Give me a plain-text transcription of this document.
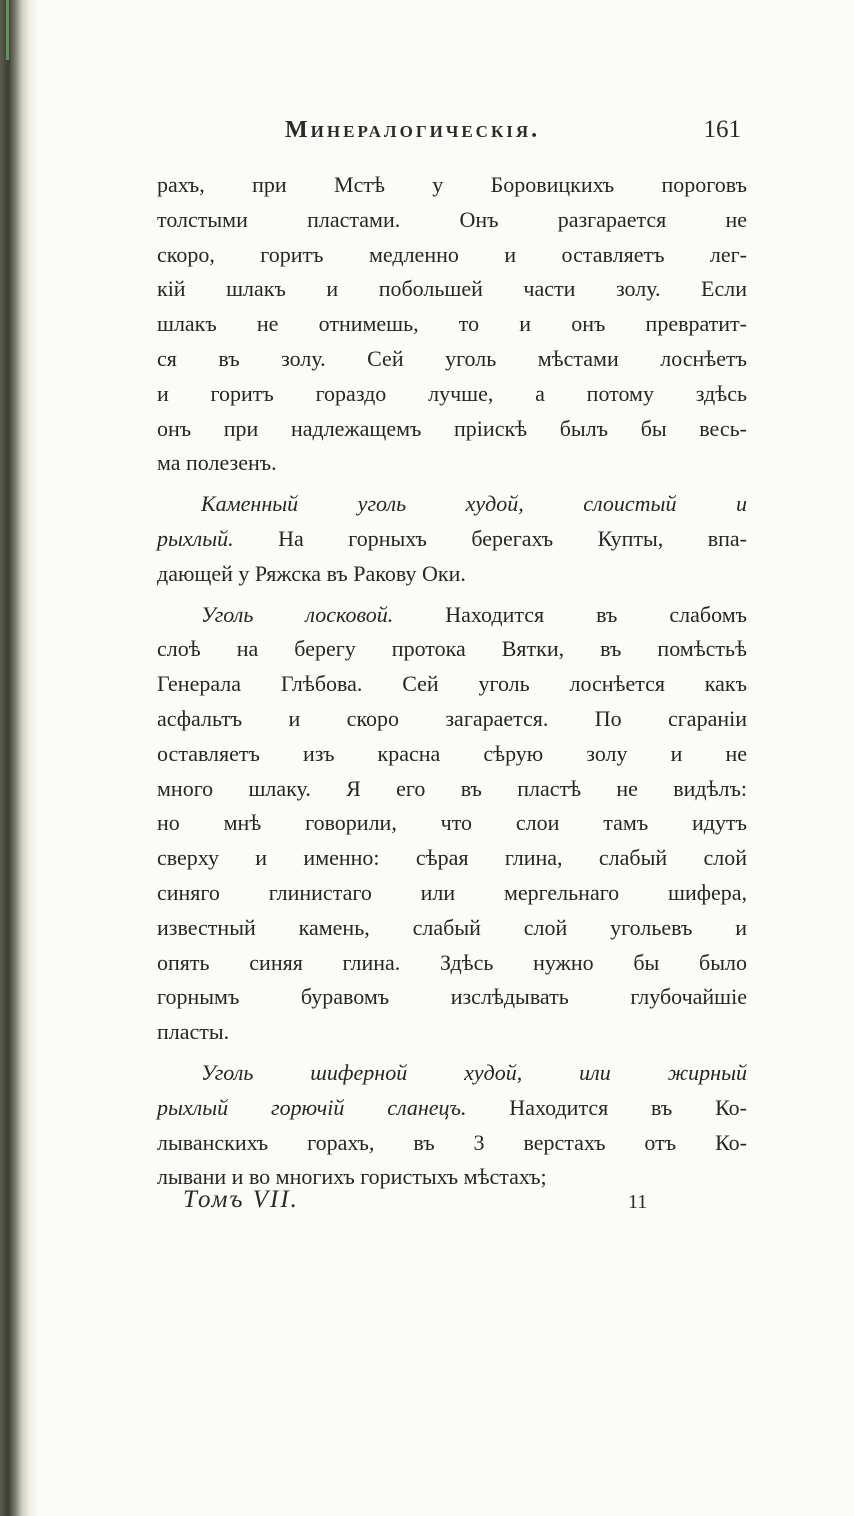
Минералогическія.	161
рахъ, при Мстѣ у Боровицкихъ пороговъ
толстыми пластами. Онъ разгарается не
скоро, горитъ медленно и оставляетъ лег-
кій шлакъ и побольшей части золу. Если
шлакъ не отнимешь, то и онъ превратит-
ся въ золу. Сей уголь мѣстами лоснѣетъ
и горитъ гораздо лучше, а потому здѣсь
онъ при надлежащемъ пріискѣ былъ бы весь-
ма полезенъ.
Каменный уголь худой, слоистый и
рыхлый. На горныхъ берегахъ Купты, впа-
дающей у Ряжска въ Ракову Оки.
Уголь лосковой. Находится въ слабомъ
слоѣ на берегу протока Вятки, въ помѣстьѣ
Генерала Глѣбова. Сей уголь лоснѣется какъ
асфальтъ и скоро загарается. По сгараніи
оставляетъ изъ красна сѣрую золу и не
много шлаку. Я его въ пластѣ не видѣлъ:
но мнѣ говорили, что слои тамъ идутъ
сверху и именно: сѣрая глина, слабый слой
синяго глинистаго или мергельнаго шифера,
известный камень, слабый слой угольевъ и
опять синяя глина. Здѣсь нужно бы было
горнымъ буравомъ изслѣдывать глубочайшіе
пласты.
Уголь шиферной худой, или жирный
рыхлый горючій сланецъ. Находится въ Ко-
лыванскихъ горахъ, въ 3 верстахъ отъ Ко-
лывани и во многихъ гористыхъ мѣстахъ;
Томъ VII.	11
